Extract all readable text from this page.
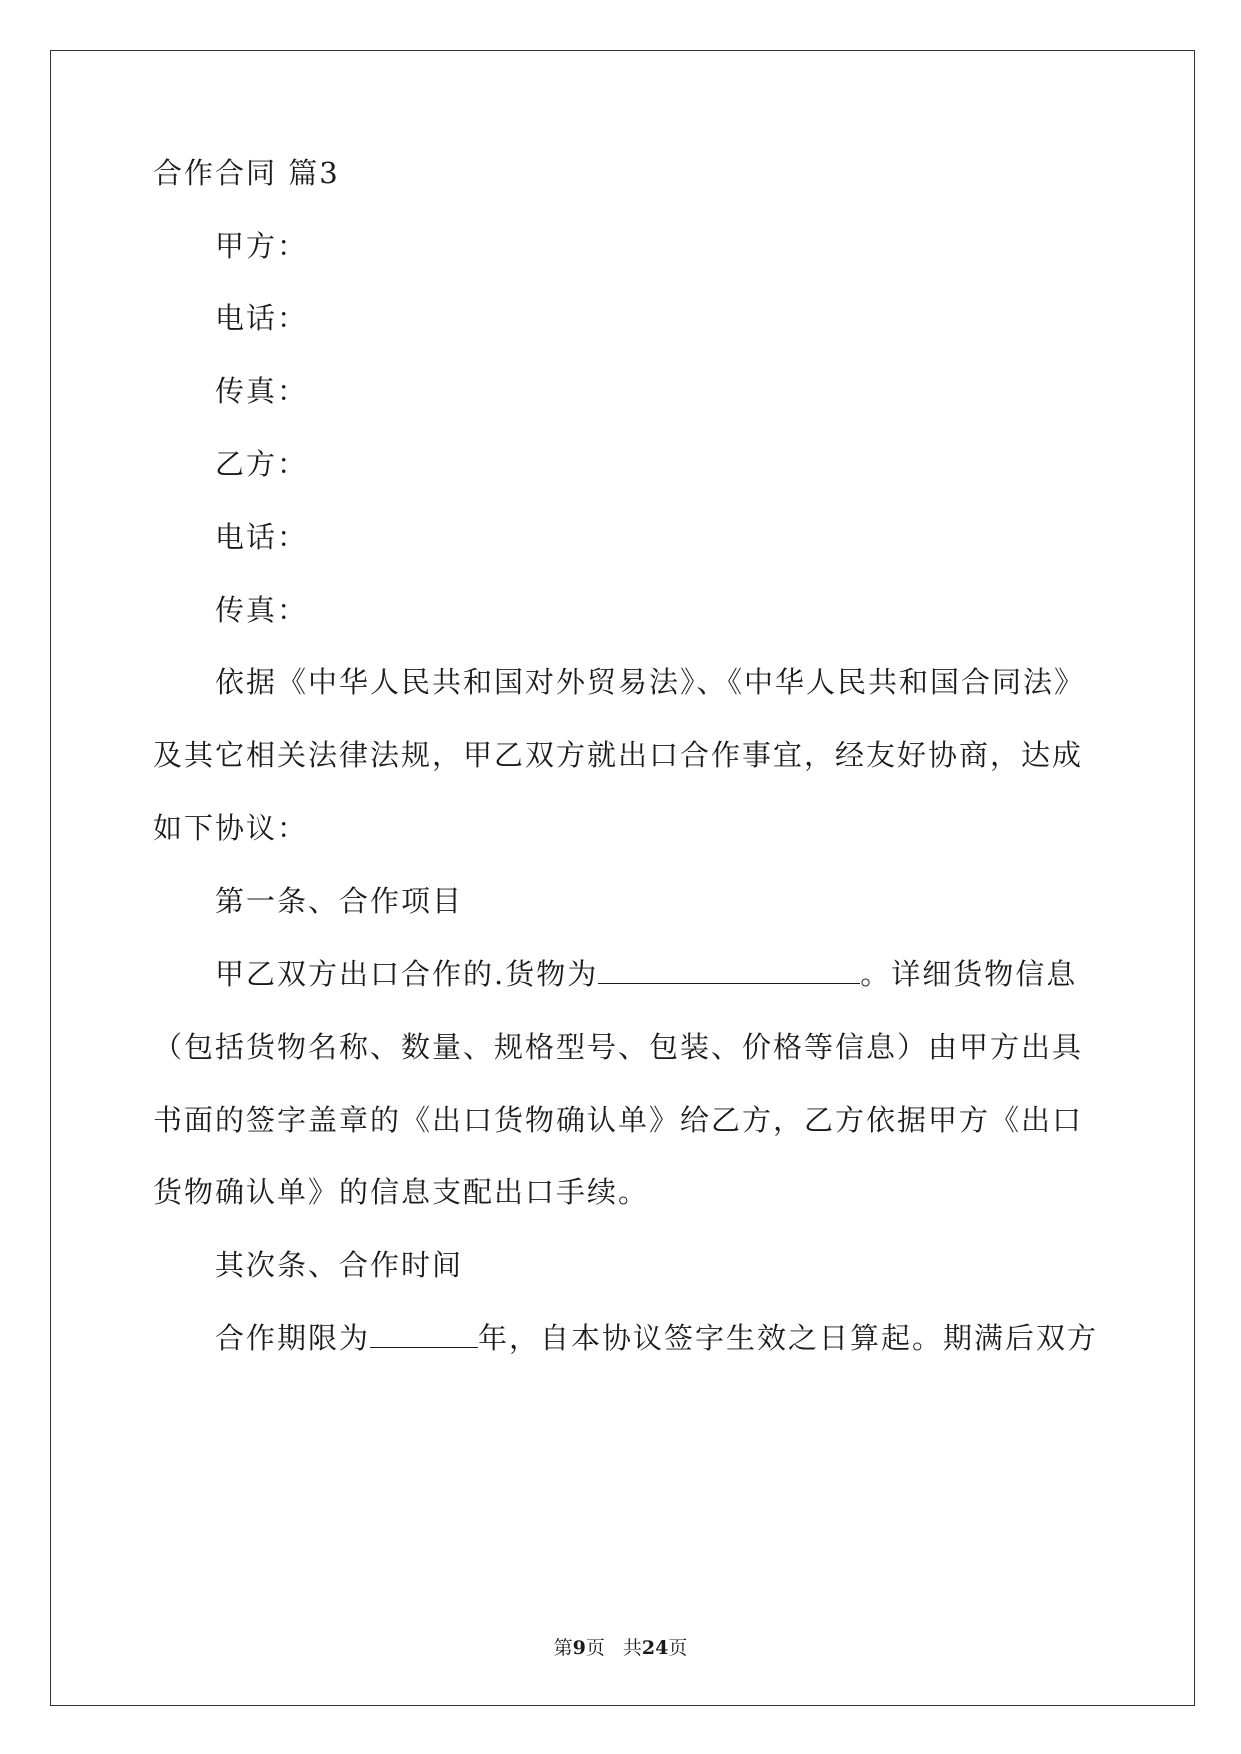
合作合同 篇3
甲方：
电话：
传真：
乙方：
电话：
传真：
依据《中华人民共和国对外贸易法》、《中华人民共和国合同法》
及其它相关法律法规，甲乙双方就出口合作事宜，经友好协商，达成
如下协议：
第一条、合作项目
甲乙双方出口合作的.货物为	。详细货物信息
（包括货物名称、数量、规格型号、包装、价格等信息）由甲方出具
书面的签字盖章的《出口货物确认单》给乙方，乙方依据甲方《出口
货物确认单》的信息支配出口手续。
其次条、合作时间
合作期限为	年，自本协议签字生效之日算起。期满后双方
第9页 共24页
